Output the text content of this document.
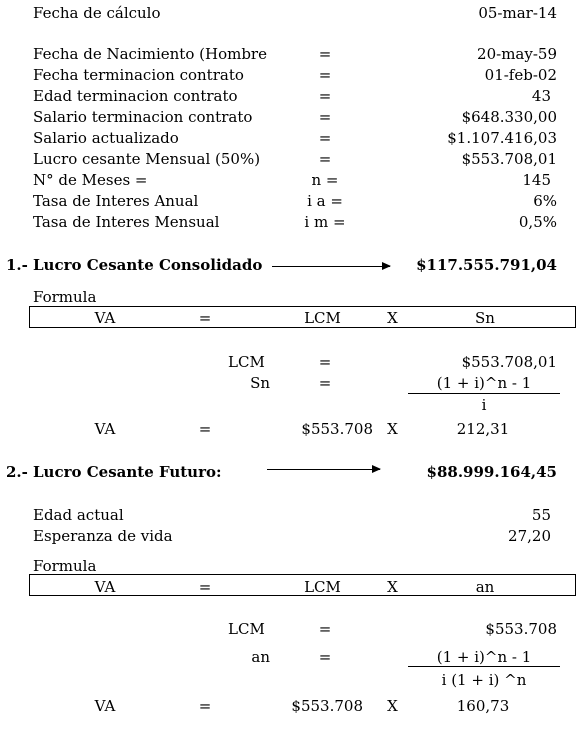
Fecha de cálculo	05-mar-14
Fecha de Nacimiento (Hombre	=	20-may-59
Fecha terminacion contrato	=	01-feb-02
Edad terminacion contrato	=	43
Salario terminacion contrato	=	$648.330,00
Salario actualizado	=	$1.107.416,03
Lucro cesante Mensual (50%)	=	$553.708,01
N° de Meses =	n =	145
Tasa de Interes Anual	i a =	6%
Tasa de Interes Mensual	i m =	0,5%
1.- Lucro Cesante Consolidado	$117.555.791,04
Formula
VA	=	LCM	X	Sn
LCM	=	$553.708,01
Sn	=	(1 + i)^n - 1
i
VA	=	$553.708 X	212,31
2.- Lucro Cesante Futuro:	$88.999.164,45
Edad actual	55
Esperanza de vida	27,20
Formula
VA	=	LCM	X	an
LCM	=	$553.708
an	=	(1 + i)^n - 1
i (1 + i) ^n
VA	=	$553.708	X	160,73
